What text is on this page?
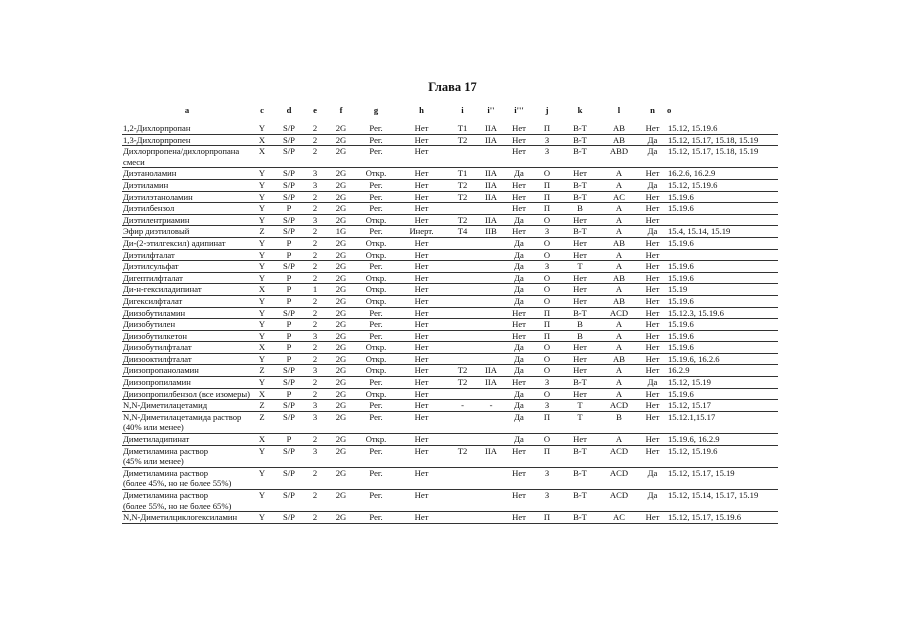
Глава 17
a	c	d	e	f	g	h	i	i''	i'''	j	k	l	n	o
1,2-Дихлорпропан	Y	S/P	2	2G	Рег.	Нет	T1	IIA	Нет	П	В-Т	AB	Нет	15.12, 15.19.6
1,3-Дихлорпропен	X	S/P	2	2G	Рег.	Нет	T2	IIA	Нет	З	В-Т	AB	Да	15.12, 15.17, 15.18, 15.19
Дихлорпропена/дихлорпропана смеси	X	S/P	2	2G	Рег.	Нет			Нет	З	В-Т	ABD	Да	15.12, 15.17, 15.18, 15.19
Диэтаноламин	Y	S/P	3	2G	Откр.	Нет	T1	IIA	Да	О	Нет	A	Нет	16.2.6, 16.2.9
Диэтиламин	Y	S/P	3	2G	Рег.	Нет	T2	IIA	Нет	П	В-Т	A	Да	15.12, 15.19.6
Диэтилэтаноламин	Y	S/P	2	2G	Рег.	Нет	T2	IIA	Нет	П	В-Т	AC	Нет	15.19.6
Диэтилбензол	Y	P	2	2G	Рег.	Нет			Нет	П	В	A	Нет	15.19.6
Диэтилентриамин	Y	S/P	3	2G	Откр.	Нет	T2	IIA	Да	О	Нет	A	Нет	
Эфир диэтиловый	Z	S/P	2	1G	Рег.	Инерт.	T4	IIB	Нет	З	В-Т	A	Да	15.4, 15.14, 15.19
Ди-(2-этилгексил) адипинат	Y	P	2	2G	Откр.	Нет			Да	О	Нет	AB	Нет	15.19.6
Диэтилфталат	Y	P	2	2G	Откр.	Нет			Да	О	Нет	A	Нет	
Диэтилсульфат	Y	S/P	2	2G	Рег.	Нет			Да	З	Т	A	Нет	15.19.6
Дигептилфталат	Y	P	2	2G	Откр.	Нет			Да	О	Нет	AB	Нет	15.19.6
Ди-н-гексиладипинат	X	P	1	2G	Откр.	Нет			Да	О	Нет	A	Нет	15.19
Дигексилфталат	Y	P	2	2G	Откр.	Нет			Да	О	Нет	AB	Нет	15.19.6
Диизобутиламин	Y	S/P	2	2G	Рег.	Нет			Нет	П	В-Т	ACD	Нет	15.12.3, 15.19.6
Диизобутилен	Y	P	2	2G	Рег.	Нет			Нет	П	В	A	Нет	15.19.6
Диизобутилкетон	Y	P	3	2G	Рег.	Нет			Нет	П	В	A	Нет	15.19.6
Диизобутилфталат	X	P	2	2G	Откр.	Нет			Да	О	Нет	A	Нет	15.19.6
Диизооктилфталат	Y	P	2	2G	Откр.	Нет			Да	О	Нет	AB	Нет	15.19.6, 16.2.6
Диизопропаноламин	Z	S/P	3	2G	Откр.	Нет	T2	IIA	Да	О	Нет	A	Нет	16.2.9
Диизопропиламин	Y	S/P	2	2G	Рег.	Нет	T2	IIA	Нет	З	В-Т	A	Да	15.12, 15.19
Диизопропилбензол (все изомеры)	X	P	2	2G	Откр.	Нет			Да	О	Нет	A	Нет	15.19.6
N,N-Диметилацетамид	Z	S/P	3	2G	Рег.	Нет	-	-	Да	З	Т	ACD	Нет	15.12, 15.17
N,N-Диметилацетамида раствор
(40% или менее)	Z	S/P	3	2G	Рег.	Нет			Да	П	Т	B	Нет	15.12.1,15.17
Диметиладипинат	X	P	2	2G	Откр.	Нет			Да	О	Нет	A	Нет	15.19.6, 16.2.9
Диметиламина раствор
(45% или менее)	Y	S/P	3	2G	Рег.	Нет	T2	IIA	Нет	П	В-Т	ACD	Нет	15.12, 15.19.6
Диметиламина раствор
(более 45%, но не более 55%)	Y	S/P	2	2G	Рег.	Нет			Нет	З	В-Т	ACD	Да	15.12, 15.17, 15.19
Диметиламина раствор
(более 55%, но не более 65%)	Y	S/P	2	2G	Рег.	Нет			Нет	З	В-Т	ACD	Да	15.12, 15.14, 15.17, 15.19
N,N-Диметилциклогексиламин	Y	S/P	2	2G	Рег.	Нет			Нет	П	В-Т	AC	Нет	15.12, 15.17, 15.19.6
